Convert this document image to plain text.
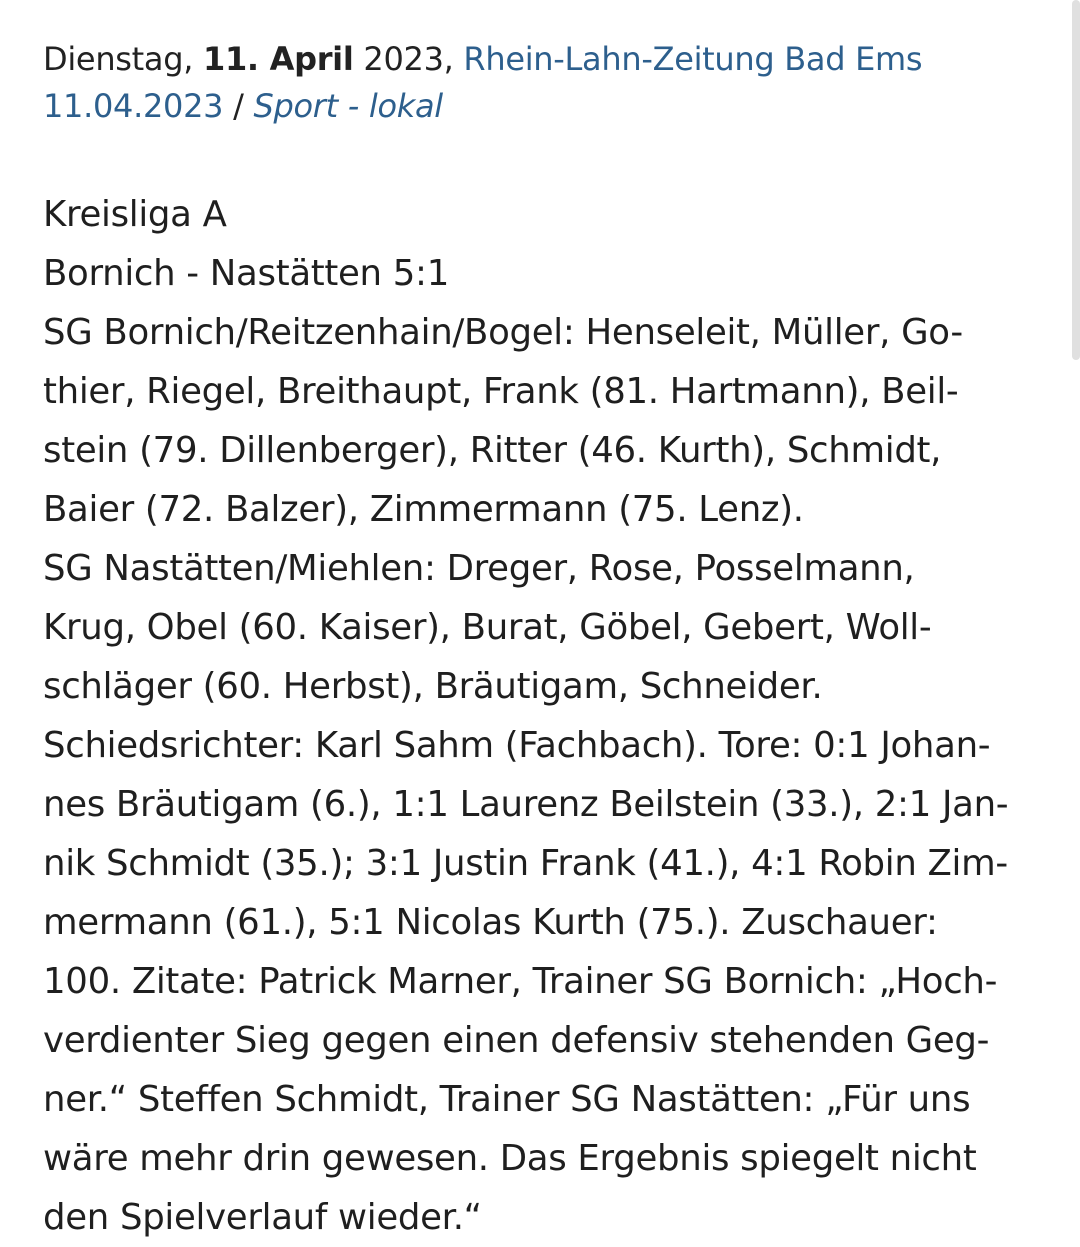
Dienstag, 11. April 2023, Rhein-Lahn-Zeitung Bad Ems
11.04.2023 / Sport - lokal
Kreisliga A
Bornich - Nastätten 5:1
SG Bornich/Reitzenhain/Bogel: Henseleit, Müller, Go-
thier, Riegel, Breithaupt, Frank (81. Hartmann), Beil-
stein (79. Dillenberger), Ritter (46. Kurth), Schmidt,
Baier (72. Balzer), Zimmermann (75. Lenz).
SG Nastätten/Miehlen: Dreger, Rose, Posselmann,
Krug, Obel (60. Kaiser), Burat, Göbel, Gebert, Woll-
schläger (60. Herbst), Bräutigam, Schneider.
Schiedsrichter: Karl Sahm (Fachbach). Tore: 0:1 Johan-
nes Bräutigam (6.), 1:1 Laurenz Beilstein (33.), 2:1 Jan-
nik Schmidt (35.); 3:1 Justin Frank (41.), 4:1 Robin Zim-
mermann (61.), 5:1 Nicolas Kurth (75.). Zuschauer:
100. Zitate: Patrick Marner, Trainer SG Bornich: „Hoch-
verdienter Sieg gegen einen defensiv stehenden Geg-
ner.“ Steffen Schmidt, Trainer SG Nastätten: „Für uns
wäre mehr drin gewesen. Das Ergebnis spiegelt nicht
den Spielverlauf wieder.“
